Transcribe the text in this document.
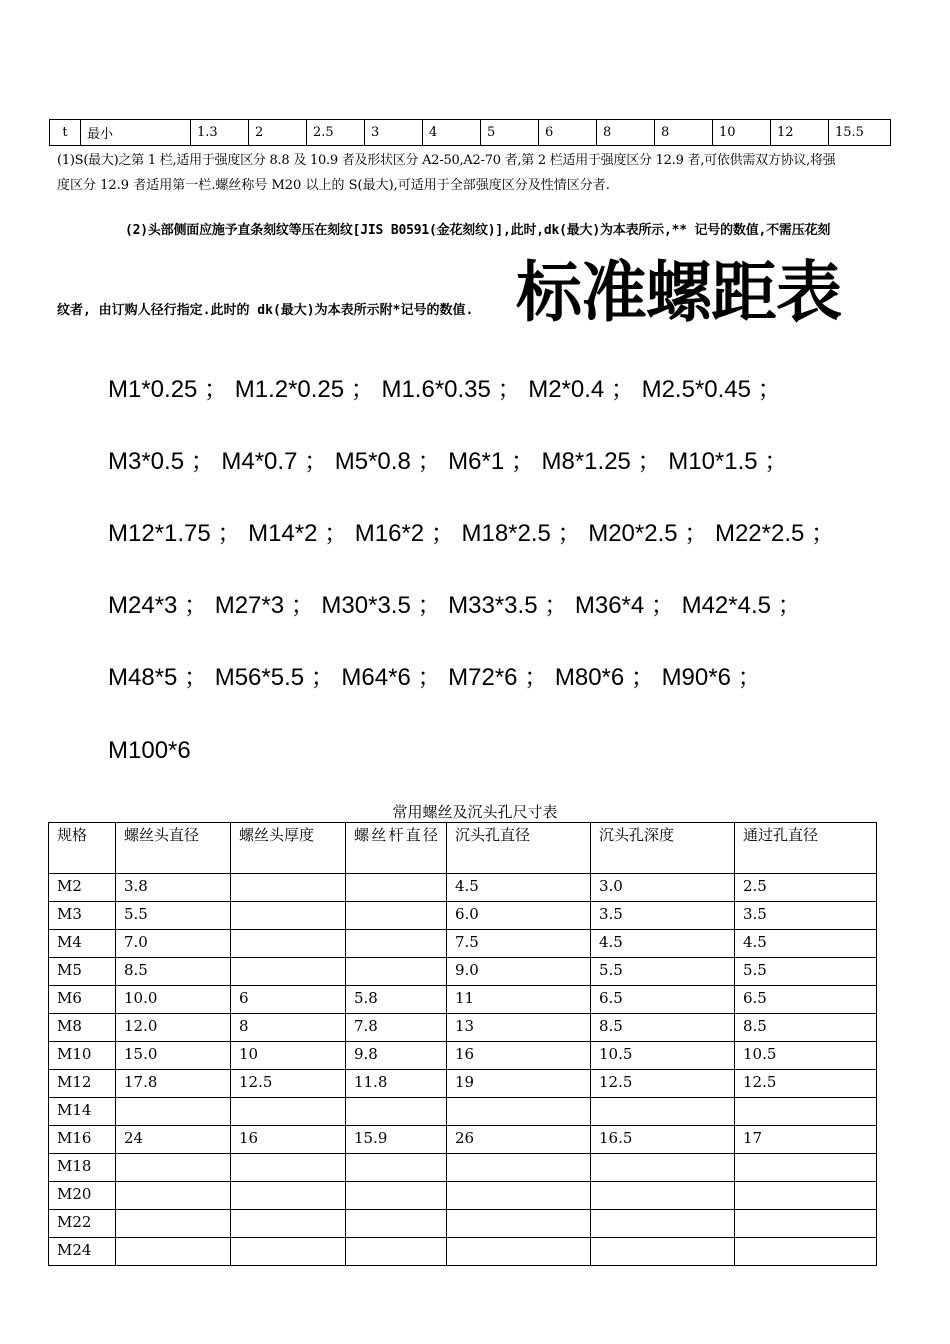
t	最小	1.3	2	2.5	3	4	5	6	8	8	10	12	15.5
(1)S(最大)之第 1 栏,适用于强度区分 8.8 及 10.9 者及形状区分 A2-50,A2-70 者,第 2 栏适用于强度区分 12.9 者,可依供需双方协议,将强
度区分 12.9 者适用第一栏.螺丝称号 M20 以上的 S(最大),可适用于全部强度区分及性情区分者.
(2)头部侧面应施予直条刻纹等压在刻纹[JIS B0591(金花刻纹)],此时,dk(最大)为本表所示,** 记号的数值,不需压花刻
纹者, 由订购人径行指定.此时的 dk(最大)为本表所示附*记号的数值. 标准螺距表
M1*0.25 ； M1.2*0.25 ； M1.6*0.35 ； M2*0.4 ； M2.5*0.45 ；
M3*0.5 ； M4*0.7 ； M5*0.8 ； M6*1 ； M8*1.25 ； M10*1.5 ；
M12*1.75 ； M14*2 ； M16*2 ； M18*2.5 ； M20*2.5 ； M22*2.5 ；
M24*3 ； M27*3 ； M30*3.5 ； M33*3.5 ； M36*4 ； M42*4.5 ；
M48*5 ； M56*5.5 ； M64*6 ； M72*6 ； M80*6 ； M90*6 ；
M100*6
常用螺丝及沉头孔尺寸表
规格	螺丝头直径	螺丝头厚度	螺丝杆直径	沉头孔直径	沉头孔深度	通过孔直径
M2	3.8			4.5	3.0	2.5
M3	5.5			6.0	3.5	3.5
M4	7.0			7.5	4.5	4.5
M5	8.5			9.0	5.5	5.5
M6	10.0	6	5.8	11	6.5	6.5
M8	12.0	8	7.8	13	8.5	8.5
M10	15.0	10	9.8	16	10.5	10.5
M12	17.8	12.5	11.8	19	12.5	12.5
M14						
M16	24	16	15.9	26	16.5	17
M18						
M20						
M22						
M24						
